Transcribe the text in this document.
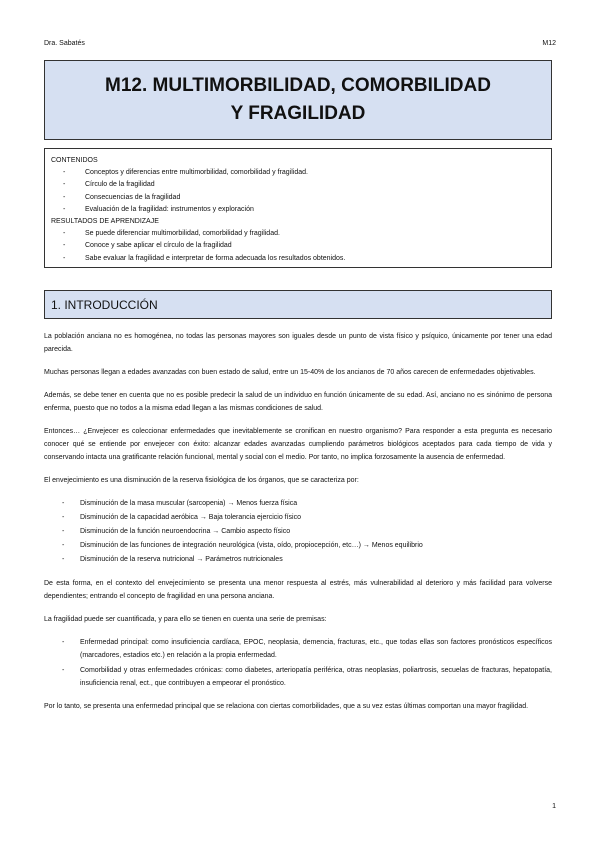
Dra. Sabatés	M12
M12. MULTIMORBILIDAD, COMORBILIDAD Y FRAGILIDAD
CONTENIDOS
- Conceptos y diferencias entre multimorbilidad, comorbilidad y fragilidad.
- Círculo de la fragilidad
- Consecuencias de la fragilidad
- Evaluación de la fragilidad: instrumentos y exploración
RESULTADOS DE APRENDIZAJE
- Se puede diferenciar multimorbilidad, comorbilidad y fragilidad.
- Conoce y sabe aplicar el círculo de la fragilidad
- Sabe evaluar la fragilidad e interpretar de forma adecuada los resultados obtenidos.
1. INTRODUCCIÓN

La población anciana no es homogénea, no todas las personas mayores son iguales desde un punto de vista físico y psíquico, únicamente por tener una edad parecida.

Muchas personas llegan a edades avanzadas con buen estado de salud, entre un 15-40% de los ancianos de 70 años carecen de enfermedades objetivables.

Además, se debe tener en cuenta que no es posible predecir la salud de un individuo en función únicamente de su edad. Así, anciano no es sinónimo de persona enferma, puesto que no todos a la misma edad llegan a las mismas condiciones de salud.

Entonces… ¿Envejecer es coleccionar enfermedades que inevitablemente se cronifican en nuestro organismo? Para responder a esta pregunta es necesario conocer qué se entiende por envejecer con éxito: alcanzar edades avanzadas cumpliendo parámetros biológicos aceptados para cada tiempo de vida y conservando intacta una gratificante relación funcional, mental y social con el medio. Por tanto, no implica forzosamente la ausencia de enfermedad.

El envejecimiento es una disminución de la reserva fisiológica de los órganos, que se caracteriza por:

- Disminución de la masa muscular (sarcopenia) → Menos fuerza física
- Disminución de la capacidad aeróbica → Baja tolerancia ejercicio físico
- Disminución de la función neuroendocrina → Cambio aspecto físico
- Disminución de las funciones de integración neurológica (vista, oído, propiocepción, etc…) → Menos equilibrio
- Disminución de la reserva nutricional → Parámetros nutricionales

De esta forma, en el contexto del envejecimiento se presenta una menor respuesta al estrés, más vulnerabilidad al deterioro y más facilidad para volverse dependientes; entrando el concepto de fragilidad en una persona anciana.

La fragilidad puede ser cuantificada, y para ello se tienen en cuenta una serie de premisas:

- Enfermedad principal: como insuficiencia cardíaca, EPOC, neoplasia, demencia, fracturas, etc., que todas ellas son factores pronósticos específicos (marcadores, estadios etc.) en relación a la propia enfermedad.
- Comorbilidad y otras enfermedades crónicas: como diabetes, arteriopatía periférica, otras neoplasias, poliartrosis, secuelas de fracturas, hepatopatía, insuficiencia renal, ect., que contribuyen a empeorar el pronóstico.

Por lo tanto, se presenta una enfermedad principal que se relaciona con ciertas comorbilidades, que a su vez estas últimas comportan una mayor fragilidad.

1
